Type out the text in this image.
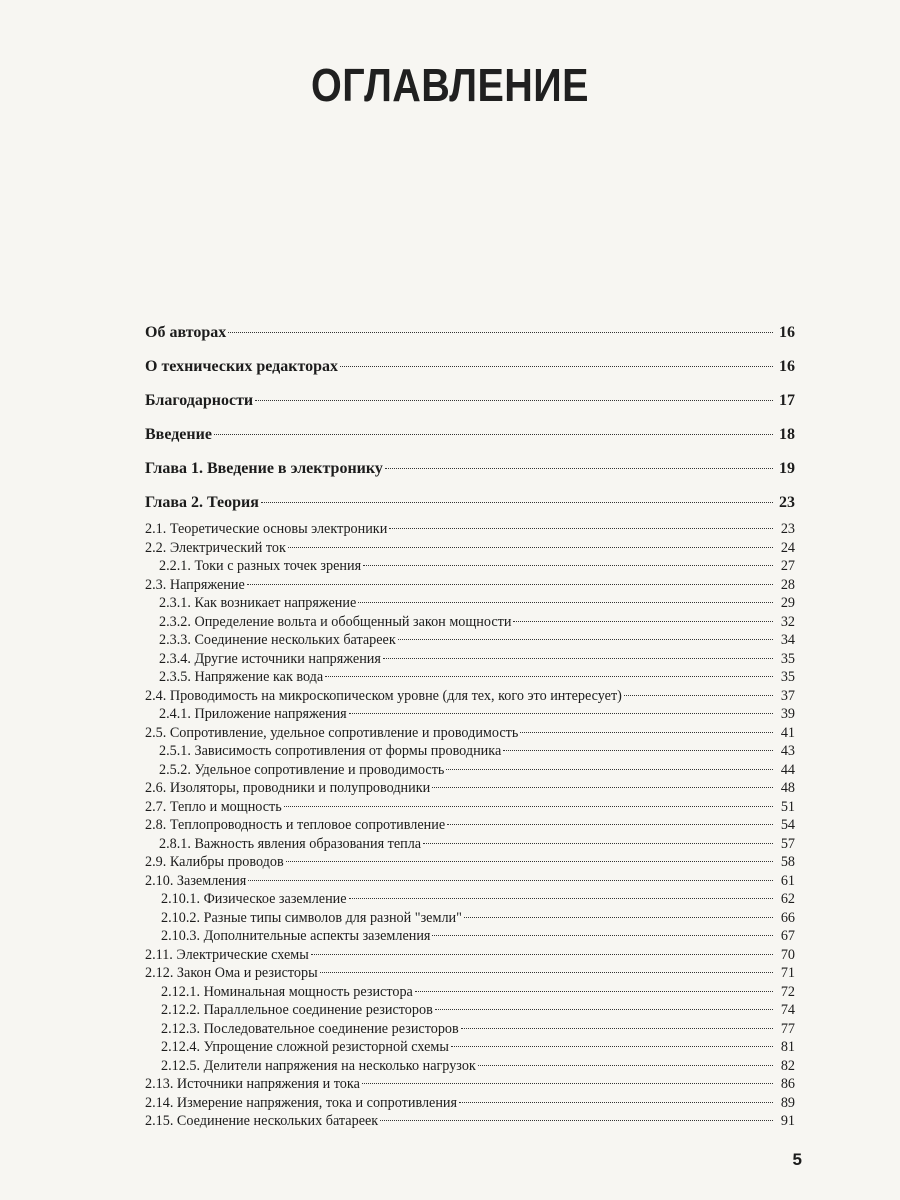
ОГЛАВЛЕНИЕ
Об авторах	16
О технических редакторах	16
Благодарности	17
Введение	18
Глава 1. Введение в электронику	19
Глава 2. Теория	23
2.1. Теоретические основы электроники	23
2.2. Электрический ток	24
2.2.1. Токи с разных точек зрения	27
2.3. Напряжение	28
2.3.1. Как возникает напряжение	29
2.3.2. Определение вольта и обобщенный закон мощности	32
2.3.3. Соединение нескольких батареек	34
2.3.4. Другие источники напряжения	35
2.3.5. Напряжение как вода	35
2.4. Проводимость на микроскопическом уровне (для тех, кого это интересует)	37
2.4.1. Приложение напряжения	39
2.5. Сопротивление, удельное сопротивление и проводимость	41
2.5.1. Зависимость сопротивления от формы проводника	43
2.5.2. Удельное сопротивление и проводимость	44
2.6. Изоляторы, проводники и полупроводники	48
2.7. Тепло и мощность	51
2.8. Теплопроводность и тепловое сопротивление	54
2.8.1. Важность явления образования тепла	57
2.9. Калибры проводов	58
2.10. Заземления	61
2.10.1. Физическое заземление	62
2.10.2. Разные типы символов для разной "земли"	66
2.10.3. Дополнительные аспекты заземления	67
2.11. Электрические схемы	70
2.12. Закон Ома и резисторы	71
2.12.1. Номинальная мощность резистора	72
2.12.2. Параллельное соединение резисторов	74
2.12.3. Последовательное соединение резисторов	77
2.12.4. Упрощение сложной резисторной схемы	81
2.12.5. Делители напряжения на несколько нагрузок	82
2.13. Источники напряжения и тока	86
2.14. Измерение напряжения, тока и сопротивления	89
2.15. Соединение нескольких батареек	91
5
